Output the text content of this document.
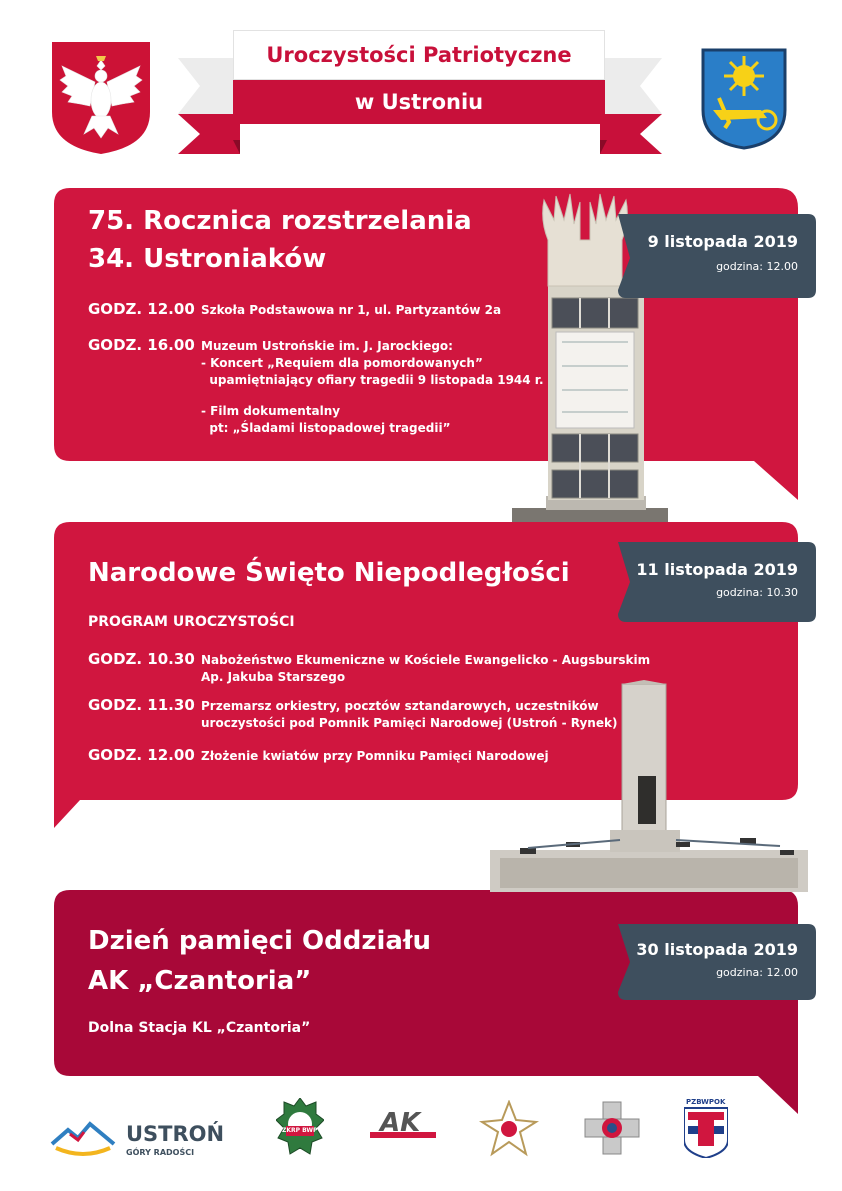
Uroczystości Patriotyczne
w Ustroniu
75. Rocznica rozstrzelania
34. Ustroniaków
GODZ. 12.00 Szkoła Podstawowa nr 1, ul. Partyzantów 2a
GODZ. 16.00 Muzeum Ustrońskie im. J. Jarockiego:
- Koncert „Requiem dla pomordowanych”
upamiętniający ofiary tragedii 9 listopada 1944 r.
- Film dokumentalny
pt: „Śladami listopadowej tragedii”
9 listopada 2019
godzina: 12.00
Narodowe Święto Niepodległości
PROGRAM UROCZYSTOŚCI
GODZ. 10.30 Nabożeństwo Ekumeniczne w Kościele Ewangelicko - Augsburskim
Ap. Jakuba Starszego
GODZ. 11.30 Przemarsz orkiestry, pocztów sztandarowych, uczestników
uroczystości pod Pomnik Pamięci Narodowej (Ustroń - Rynek)
GODZ. 12.00 Złożenie kwiatów przy Pomniku Pamięci Narodowej
11 listopada 2019
godzina: 10.30
Dzień pamięci Oddziału
AK „Czantoria”
Dolna Stacja KL „Czantoria”
30 listopada 2019
godzina: 12.00
USTROŃ
GÓRY RADOŚCI
ZKRP BWP AK
PZBWPOK
